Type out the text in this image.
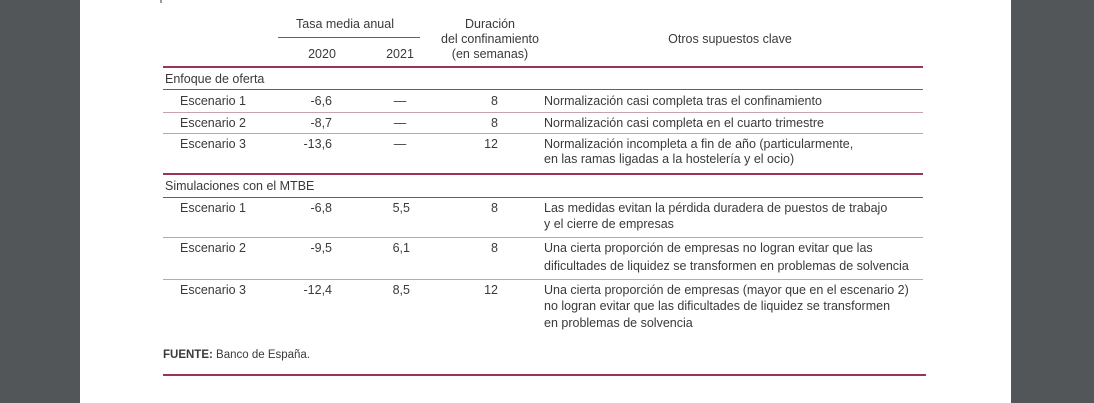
Tasa media anual
2020	2021
Duración
del confinamiento
(en semanas)
Otros supuestos clave
Enfoque de oferta
Escenario 1	-6,6	—	8	Normalización casi completa tras el confinamiento
Escenario 2	-8,7	—	8	Normalización casi completa en el cuarto trimestre
Escenario 3	-13,6	—	12	Normalización incompleta a fin de año (particularmente,
en las ramas ligadas a la hostelería y el ocio)
Simulaciones con el MTBE
Escenario 1	-6,8	5,5	8	Las medidas evitan la pérdida duradera de puestos de trabajo
y el cierre de empresas
Escenario 2	-9,5	6,1	8	Una cierta proporción de empresas no logran evitar que las
dificultades de liquidez se transformen en problemas de solvencia
Escenario 3	-12,4	8,5	12	Una cierta proporción de empresas (mayor que en el escenario 2)
no logran evitar que las dificultades de liquidez se transformen
en problemas de solvencia
FUENTE: Banco de España.
